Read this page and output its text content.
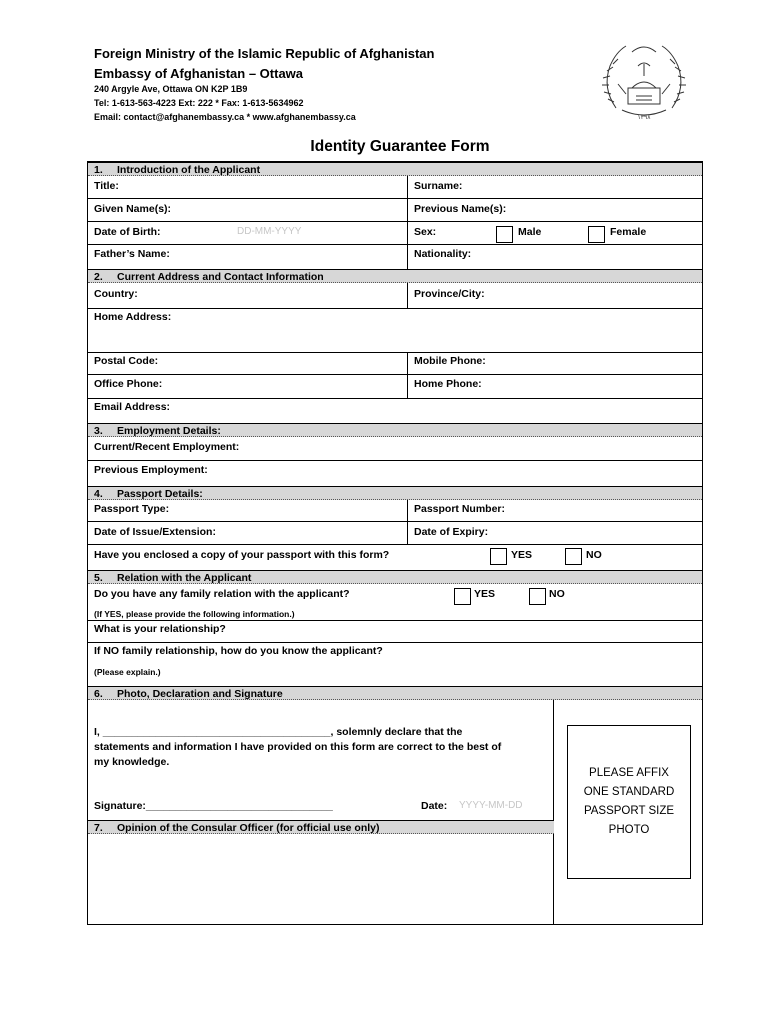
Foreign Ministry of the Islamic Republic of Afghanistan
Embassy of Afghanistan – Ottawa
240 Argyle Ave, Ottawa ON K2P 1B9
Tel: 1-613-563-4223 Ext: 222 * Fax: 1-613-5634962
Email: contact@afghanembassy.ca * www.afghanembassy.ca	۱۳۹۸
Identity Guarantee Form
1. Introduction of the Applicant
Title:	Surname:
Given Name(s):	Previous Name(s):
Date of Birth:	DD-MM-YYYY	Sex:	Male	Female
Father’s Name:	Nationality:
2. Current Address and Contact Information
Country:	Province/City:
Home Address:
Postal Code:	Mobile Phone:
Office Phone:	Home Phone:
Email Address:
3. Employment Details:
Current/Recent Employment:
Previous Employment:
4. Passport Details:
Passport Type:	Passport Number:
Date of Issue/Extension:	Date of Expiry:
Have you enclosed a copy of your passport with this form?	YES	NO
5. Relation with the Applicant
Do you have any family relation with the applicant?	YES	NO
(If YES, please provide the following information.)
What is your relationship?
If NO family relationship, how do you know the applicant?
(Please explain.)
6. Photo, Declaration and Signature
I, _______________________________________, solemnly declare that the
statements and information I have provided on this form are correct to the best of
my knowledge.
Signature:________________________________	Date: YYYY-MM-DD
7. Opinion of the Consular Officer (for official use only)
PLEASE AFFIX
ONE STANDARD
PASSPORT SIZE
PHOTO
